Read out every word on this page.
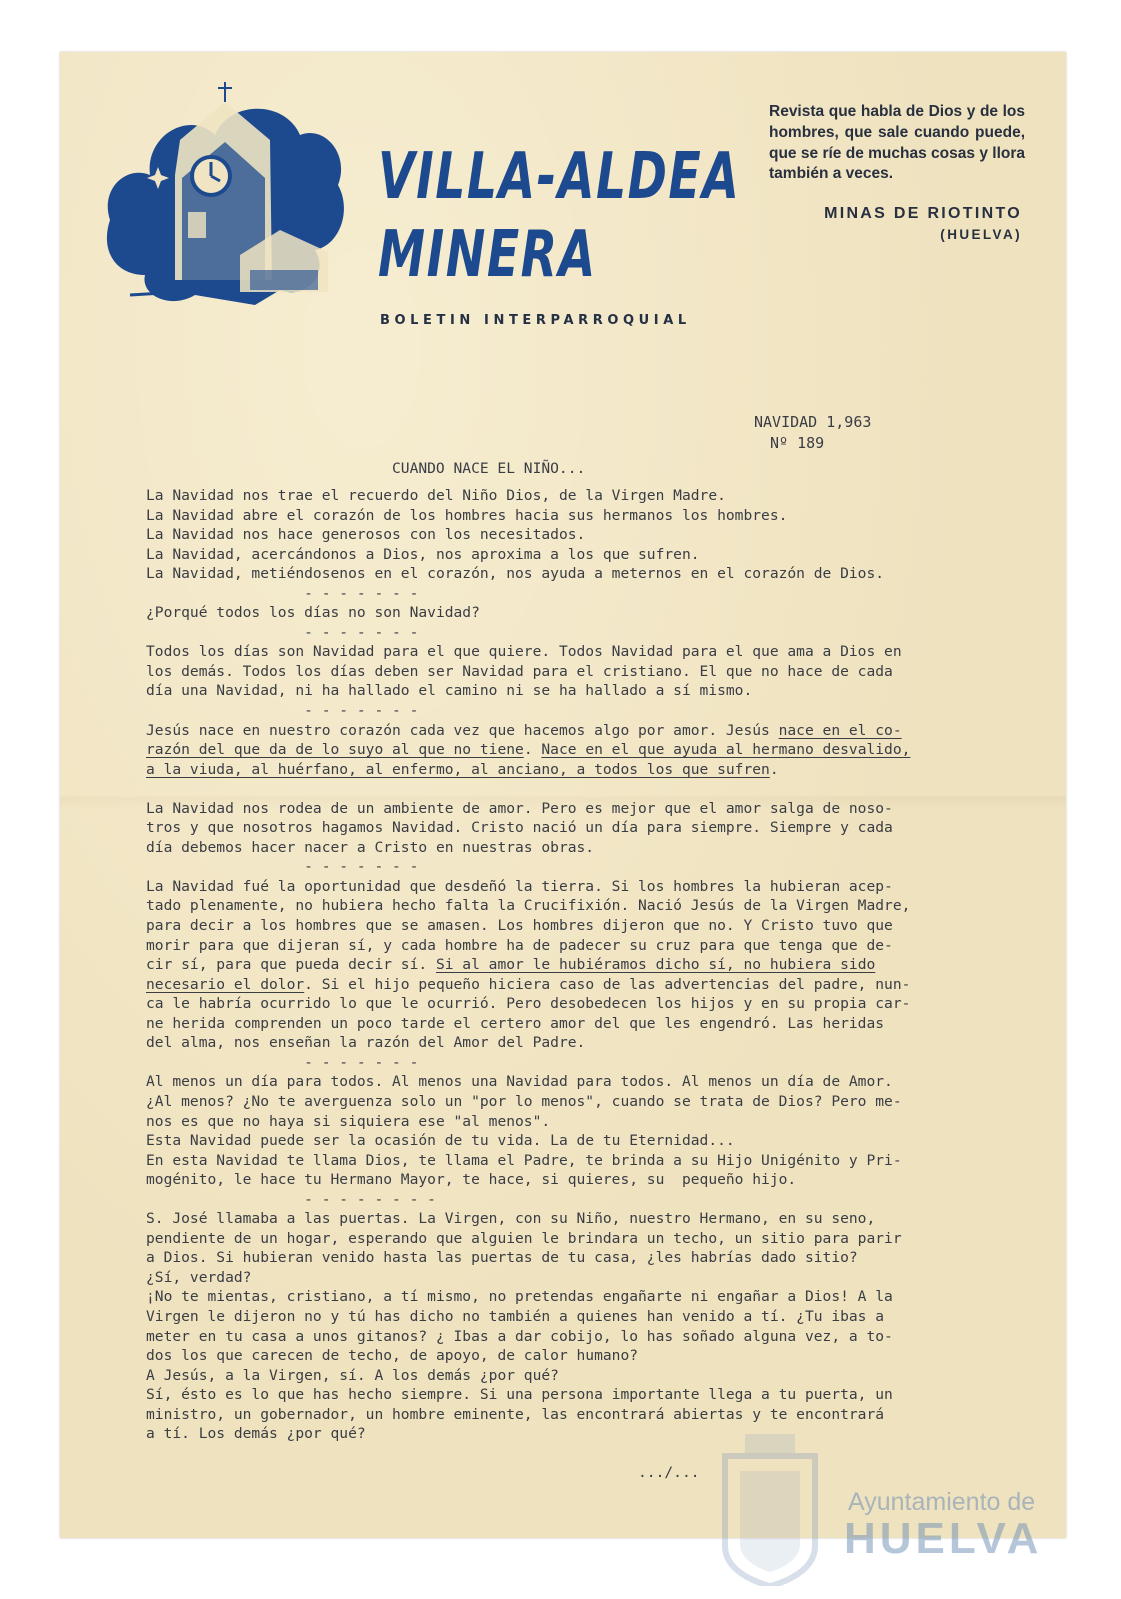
VILLA-ALDEA
MINERA
BOLETIN INTERPARROQUIAL
Revista que habla de Dios y de los hombres, que sale cuando puede, que se ríe de muchas cosas y llora también a veces.
MINAS DE RIOTINTO
(HUELVA)
NAVIDAD 1,963
Nº 189
CUANDO NACE EL NIÑO...
La Navidad nos trae el recuerdo del Niño Dios, de la Virgen Madre.
La Navidad abre el corazón de los hombres hacia sus hermanos los hombres.
La Navidad nos hace generosos con los necesitados.
La Navidad, acercándonos a Dios, nos aproxima a los que sufren.
La Navidad, metiéndosenos en el corazón, nos ayuda a meternos en el corazón de Dios.
- - - - - - -
¿Porqué todos los días no son Navidad?
- - - - - - -
Todos los días son Navidad para el que quiere. Todos Navidad para el que ama a Dios en
los demás. Todos los días deben ser Navidad para el cristiano. El que no hace de cada
día una Navidad, ni ha hallado el camino ni se ha hallado a sí mismo.
- - - - - - -
Jesús nace en nuestro corazón cada vez que hacemos algo por amor. Jesús nace en el co-
razón del que da de lo suyo al que no tiene. Nace en el que ayuda al hermano desvalido,
a la viuda, al huérfano, al enfermo, al anciano, a todos los que sufren.

La Navidad nos rodea de un ambiente de amor. Pero es mejor que el amor salga de noso-
tros y que nosotros hagamos Navidad. Cristo nació un día para siempre. Siempre y cada
día debemos hacer nacer a Cristo en nuestras obras.
- - - - - - -
La Navidad fué la oportunidad que desdeñó la tierra. Si los hombres la hubieran acep-
tado plenamente, no hubiera hecho falta la Crucifixión. Nació Jesús de la Virgen Madre,
para decir a los hombres que se amasen. Los hombres dijeron que no. Y Cristo tuvo que
morir para que dijeran sí, y cada hombre ha de padecer su cruz para que tenga que de-
cir sí, para que pueda decir sí. Si al amor le hubiéramos dicho sí, no hubiera sido
necesario el dolor. Si el hijo pequeño hiciera caso de las advertencias del padre, nun-
ca le habría ocurrido lo que le ocurrió. Pero desobedecen los hijos y en su propia car-
ne herida comprenden un poco tarde el certero amor del que les engendró. Las heridas
del alma, nos enseñan la razón del Amor del Padre.
- - - - - - -
Al menos un día para todos. Al menos una Navidad para todos. Al menos un día de Amor.
¿Al menos? ¿No te averguenza solo un "por lo menos", cuando se trata de Dios? Pero me-
nos es que no haya si siquiera ese "al menos".
Esta Navidad puede ser la ocasión de tu vida. La de tu Eternidad...
En esta Navidad te llama Dios, te llama el Padre, te brinda a su Hijo Unigénito y Pri-
mogénito, le hace tu Hermano Mayor, te hace, si quieres, su  pequeño hijo.
- - - - - - - -
S. José llamaba a las puertas. La Virgen, con su Niño, nuestro Hermano, en su seno,
pendiente de un hogar, esperando que alguien le brindara un techo, un sitio para parir
a Dios. Si hubieran venido hasta las puertas de tu casa, ¿les habrías dado sitio?
¿Sí, verdad?
¡No te mientas, cristiano, a tí mismo, no pretendas engañarte ni engañar a Dios! A la
Virgen le dijeron no y tú has dicho no también a quienes han venido a tí. ¿Tu ibas a
meter en tu casa a unos gitanos? ¿ Ibas a dar cobijo, lo has soñado alguna vez, a to-
dos los que carecen de techo, de apoyo, de calor humano?
A Jesús, a la Virgen, sí. A los demás ¿por qué?
Sí, ésto es lo que has hecho siempre. Si una persona importante llega a tu puerta, un
ministro, un gobernador, un hombre eminente, las encontrará abiertas y te encontrará
a tí. Los demás ¿por qué?

.../...
Ayuntamiento de
HUELVA
